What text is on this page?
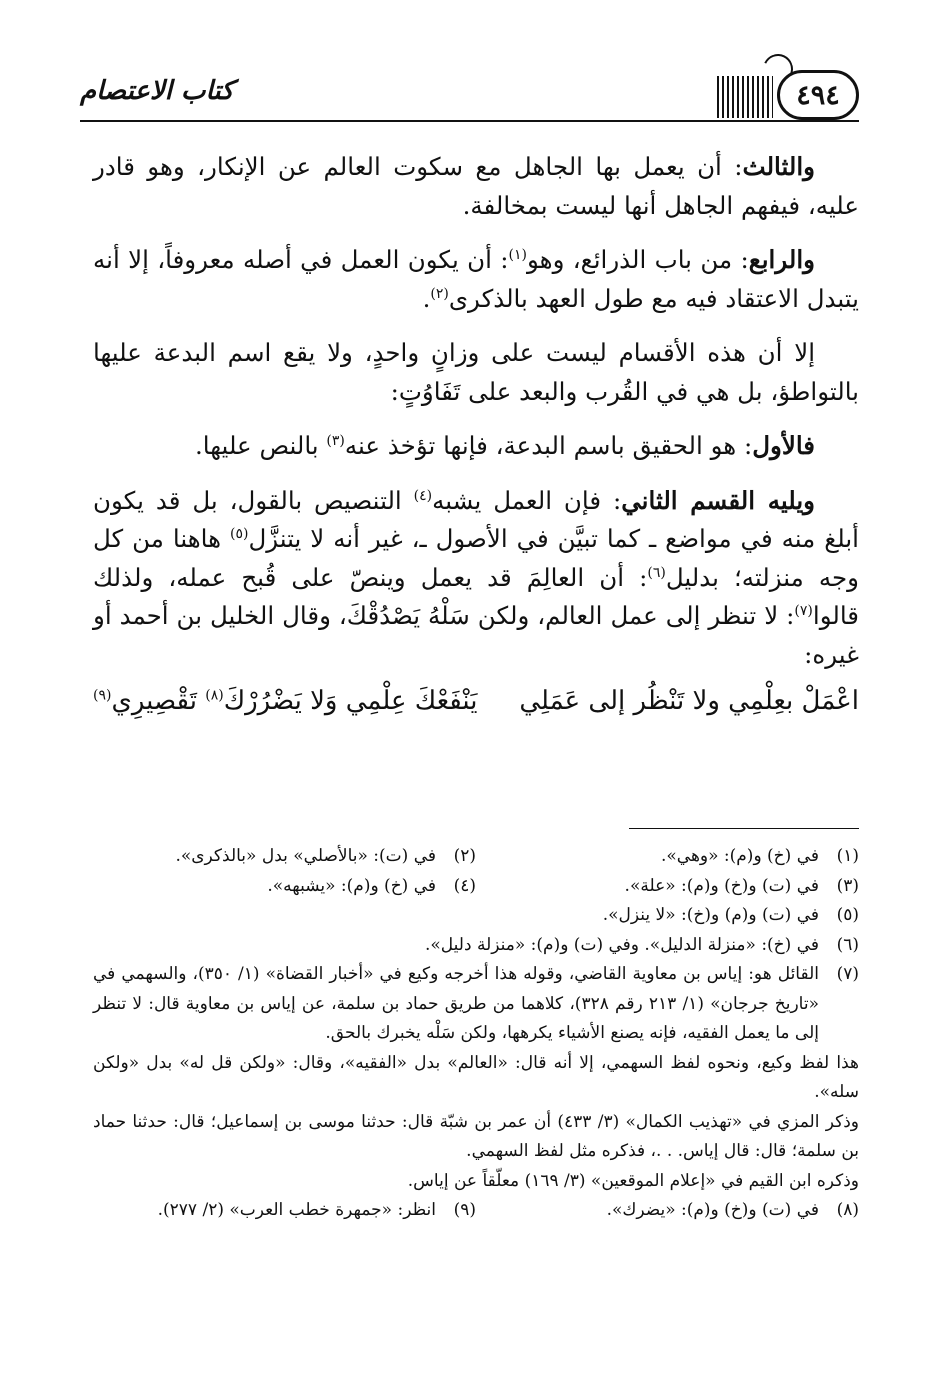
٤٩٤
كتاب الاعتصام

والثالث: أن يعمل بها الجاهل مع سكوت العالم عن الإنكار، وهو قادر عليه، فيفهم الجاهل أنها ليست بمخالفة.

والرابع: من باب الذرائع، وهو$^{(١)}$: أن يكون العمل في أصله معروفاً، إلا أنه يتبدل الاعتقاد فيه مع طول العهد بالذكرى$^{(٢)}$.

إلا أن هذه الأقسام ليست على وزانٍ واحدٍ، ولا يقع اسم البدعة عليها بالتواطؤ، بل هي في القُرب والبعد على تَفَاوُتٍ:

فالأول: هو الحقيق باسم البدعة، فإنها تؤخذ عنه$^{(٣)}$ بالنص عليها.

ويليه القسم الثاني: فإن العمل يشبه$^{(٤)}$ التنصيص بالقول، بل قد يكون أبلغ منه في مواضع ـ كما تبيَّن في الأصول ـ، غير أنه لا يتنزَّل$^{(٥)}$ هاهنا من كل وجه منزلته؛ بدليل$^{(٦)}$: أن العالِمَ قد يعمل وينصّ على قُبح عمله، ولذلك قالوا$^{(٧)}$: لا تنظر إلى عمل العالم، ولكن سَلْهُ يَصْدُقْكَ، وقال الخليل بن أحمد أو غيره:

اعْمَلْ بعِلْمِي ولا تَنْظُر إلى عَمَلِي
يَنْفَعْكَ عِلْمِي وَلا يَضْرُرْكَ$^{(٨)}$ تَقْصِيرِي$^{(٩)}$
(١)
في (خ) و(م): «وهي».
(٢)
في (ت): «بالأصلي» بدل «بالذكرى».
(٣)
في (ت) و(خ) و(م): «علة».
(٤)
في (خ) و(م): «يشبهه».
(٥)
في (ت) و(م) و(خ): «لا ينزل».
(٦)
في (خ): «منزلة الدليل». وفي (ت) و(م): «منزلة دليل».
(٧)
القائل هو: إياس بن معاوية القاضي، وقوله هذا أخرجه وكيع في «أخبار القضاة» (١/ ٣٥٠)، والسهمي في «تاريخ جرجان» (١/ ٢١٣ رقم ٣٢٨)، كلاهما من طريق حماد بن سلمة، عن إياس بن معاوية قال: لا تنظر إلى ما يعمل الفقيه، فإنه يصنع الأشياء يكرهها، ولكن سَلْه يخبرك بالحق.
هذا لفظ وكيع، ونحوه لفظ السهمي، إلا أنه قال: «العالم» بدل «الفقيه»، وقال: «ولكن قل له» بدل «ولكن سله».
وذكر المزي في «تهذيب الكمال» (٣/ ٤٣٣) أن عمر بن شبّة قال: حدثنا موسى بن إسماعيل؛ قال: حدثنا حماد بن سلمة؛ قال: قال إياس. . .، فذكره مثل لفظ السهمي.
وذكره ابن القيم في «إعلام الموقعين» (٣/ ١٦٩) معلّقاً عن إياس.
(٨)
في (ت) و(خ) و(م): «يضرك».
(٩)
انظر: «جمهرة خطب العرب» (٢/ ٢٧٧).
